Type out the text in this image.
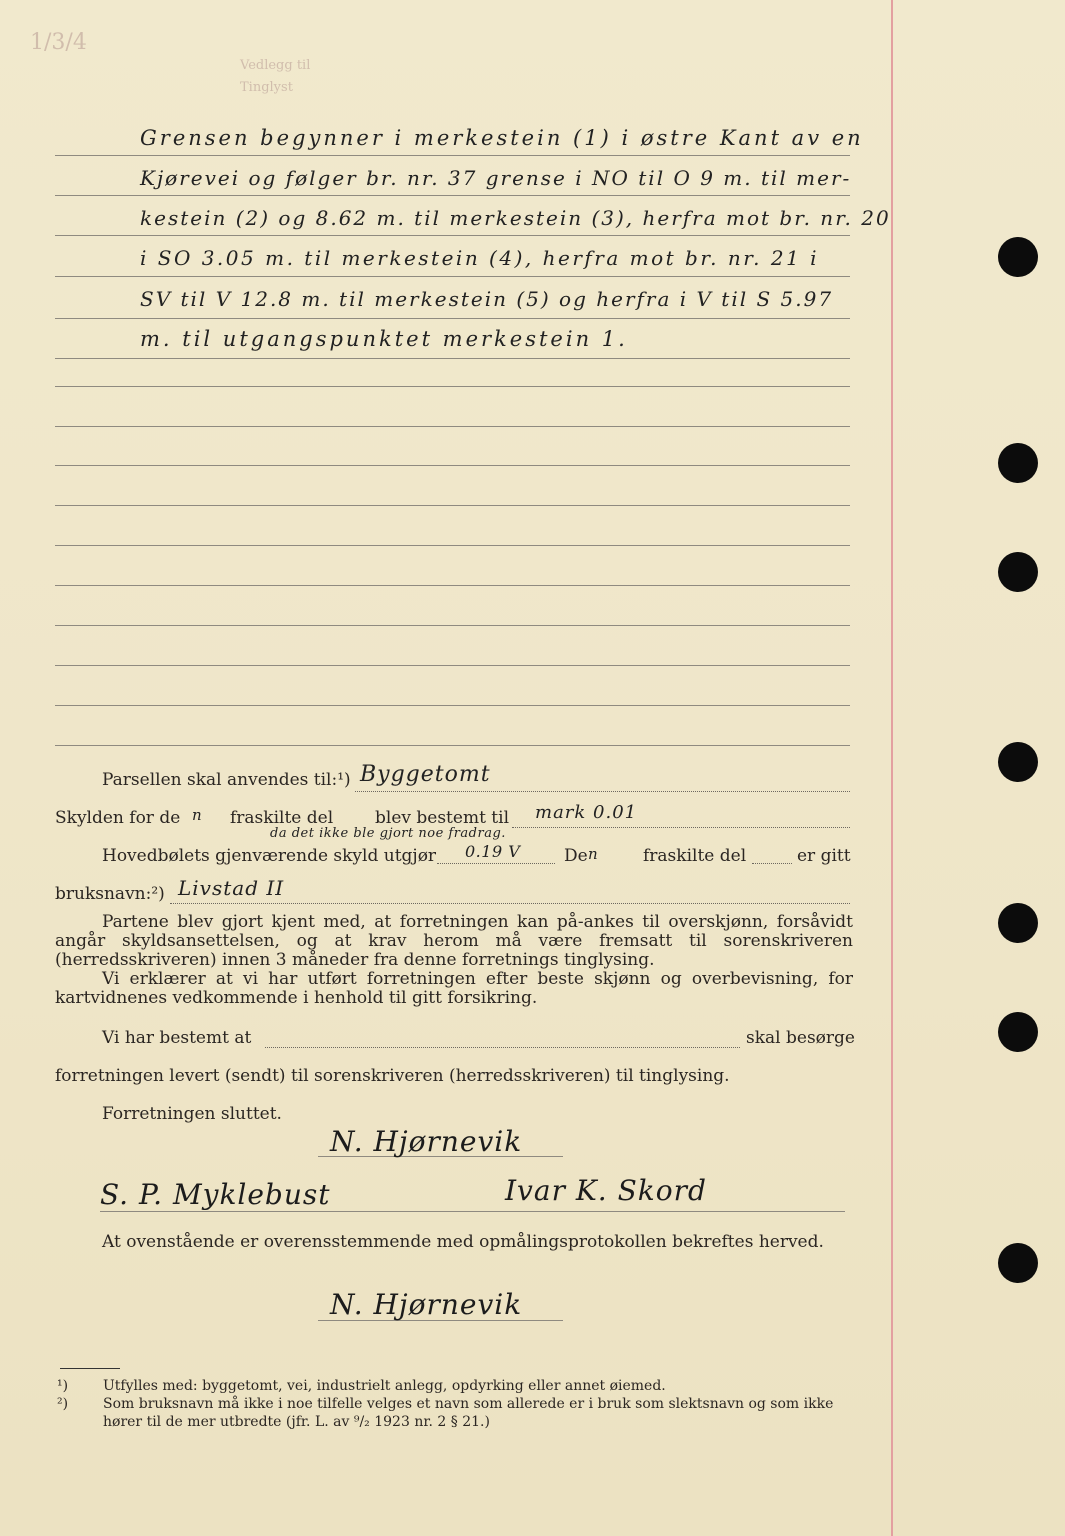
1/3/4
Vedlegg til
Tinglyst
Grensen begynner i merkestein (1) i østre Kant av en
Kjørevei og følger br. nr. 37 grense i NO til O 9 m. til mer-
kestein (2) og 8.62 m. til merkestein (3), herfra mot br. nr. 20
i SO 3.05 m. til merkestein (4), herfra mot br. nr. 21 i
SV til V 12.8 m. til merkestein (5) og herfra i V til S 5.97
m. til utgangspunktet merkestein 1.
Parsellen skal anvendes til:¹) Byggetomt
Skylden for de n fraskilte del blev bestemt til mark 0.01
da det ikke ble gjort noe fradrag.
Hovedbølets gjenværende skyld utgjør 0.19 V	De n	fraskilte del	er gitt
bruksnavn:²) Livstad II

Partene blev gjort kjent med, at forretningen kan på-ankes til overskjønn, forsåvidt angår skyldsansettelsen, og at krav herom må være fremsatt til sorenskriveren (herredsskriveren) innen 3 måneder fra denne forretnings tinglysing.

Vi erklærer at vi har utført forretningen efter beste skjønn og overbevisning, for kartvidnenes vedkommende i henhold til gitt forsikring.

Vi har bestemt at	skal besørge
forretningen levert (sendt) til sorenskriveren (herredsskriveren) til tinglysing.
Forretningen sluttet.
N. Hjørnevik
S. P. Myklebust	Ivar K. Skord
At ovenstående er overensstemmende med opmålingsprotokollen bekreftes herved.
N. Hjørnevik
¹) Utfylles med: byggetomt, vei, industrielt anlegg, opdyrking eller annet øiemed.
²) Som bruksnavn må ikke i noe tilfelle velges et navn som allerede er i bruk som slektsnavn og som ikke hører til de mer utbredte (jfr. L. av ⁹/₂ 1923 nr. 2 § 21.)
